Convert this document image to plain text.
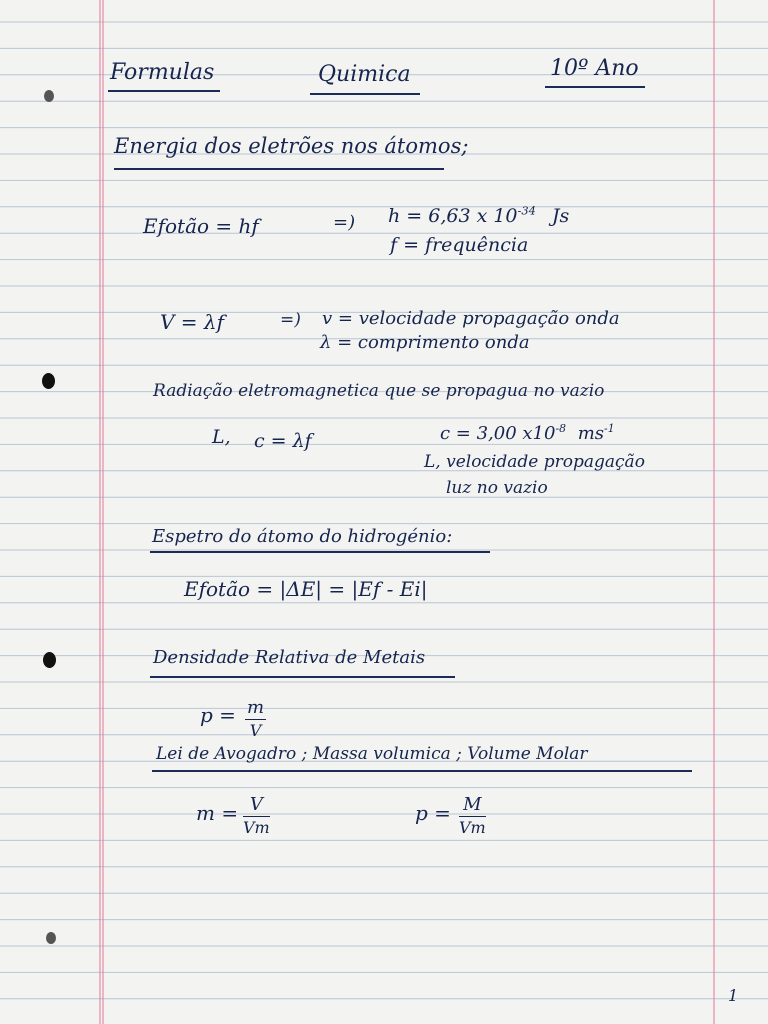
Formulas	Quimica	10º Ano
Energia dos eletrões nos átomos;
Efotão = hf	=) h = 6,63 x $10^{-34}$ Js
f = frequência
V = λf	=) v = velocidade propagação onda
λ = comprimento onda
Radiação eletromagnetica que se propagua no vazio
L, c = λf	c = 3,00 $x10^{-8}$ $ms^{-1}$
L, velocidade propagação
luz no vazio
Espetro do átomo do hidrogénio:
Efotão = |ΔE| = |Ef - Ei|
Densidade Relativa de Metais
$p = \frac{m}{V}$
Lei de Avogadro ; Massa volumica ; Volume Molar
$m = \frac{V}{Vm}$	$p = \frac{M}{Vm}$
1
